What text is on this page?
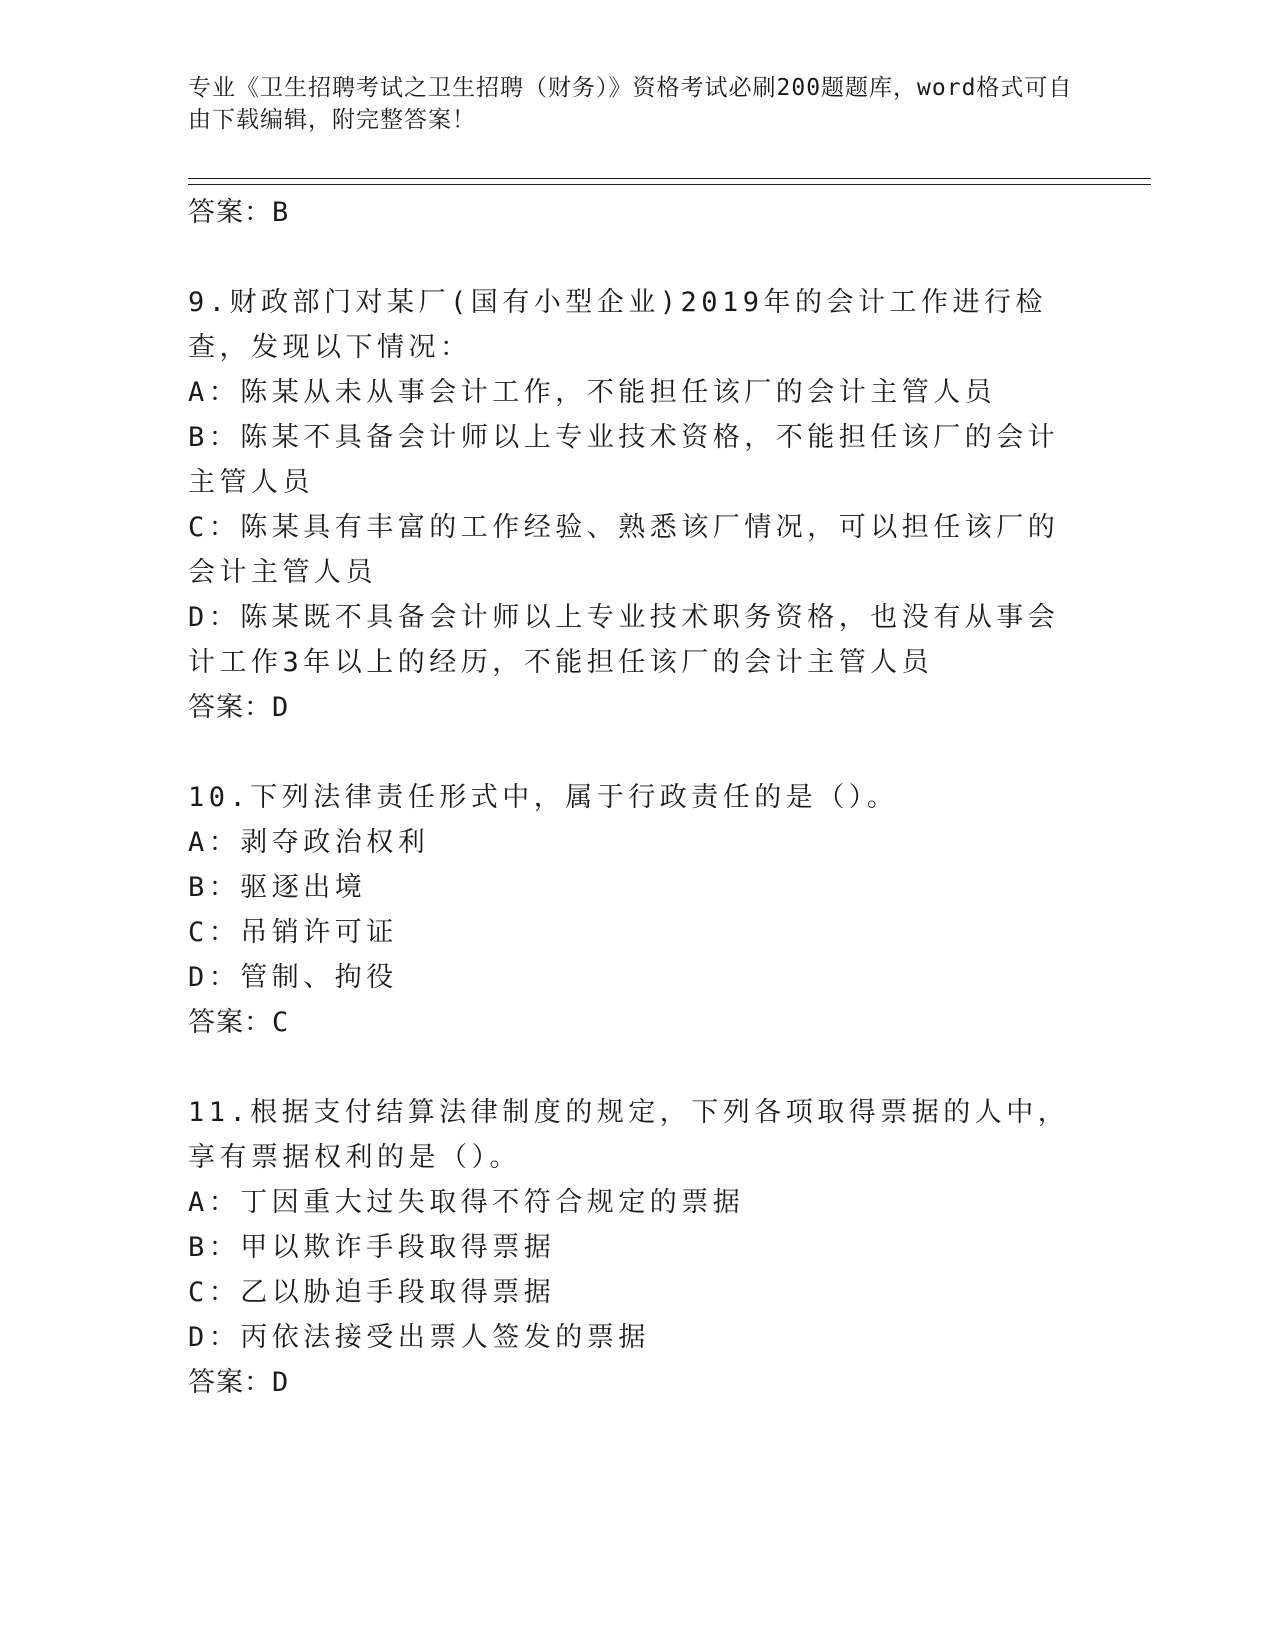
专业《卫生招聘考试之卫生招聘（财务）》资格考试必刷200题题库，word格式可自由下载编辑，附完整答案！

答案：B

9.财政部门对某厂(国有小型企业)2019年的会计工作进行检查，发现以下情况：

A：陈某从未从事会计工作，不能担任该厂的会计主管人员

B：陈某不具备会计师以上专业技术资格，不能担任该厂的会计主管人员

C：陈某具有丰富的工作经验、熟悉该厂情况，可以担任该厂的会计主管人员

D：陈某既不具备会计师以上专业技术职务资格，也没有从事会计工作3年以上的经历，不能担任该厂的会计主管人员

答案：D

10.下列法律责任形式中，属于行政责任的是（）。

A：剥夺政治权利

B：驱逐出境

C：吊销许可证

D：管制、拘役

答案：C

11.根据支付结算法律制度的规定，下列各项取得票据的人中，享有票据权利的是（）。

A：丁因重大过失取得不符合规定的票据

B：甲以欺诈手段取得票据

C：乙以胁迫手段取得票据

D：丙依法接受出票人签发的票据

答案：D
